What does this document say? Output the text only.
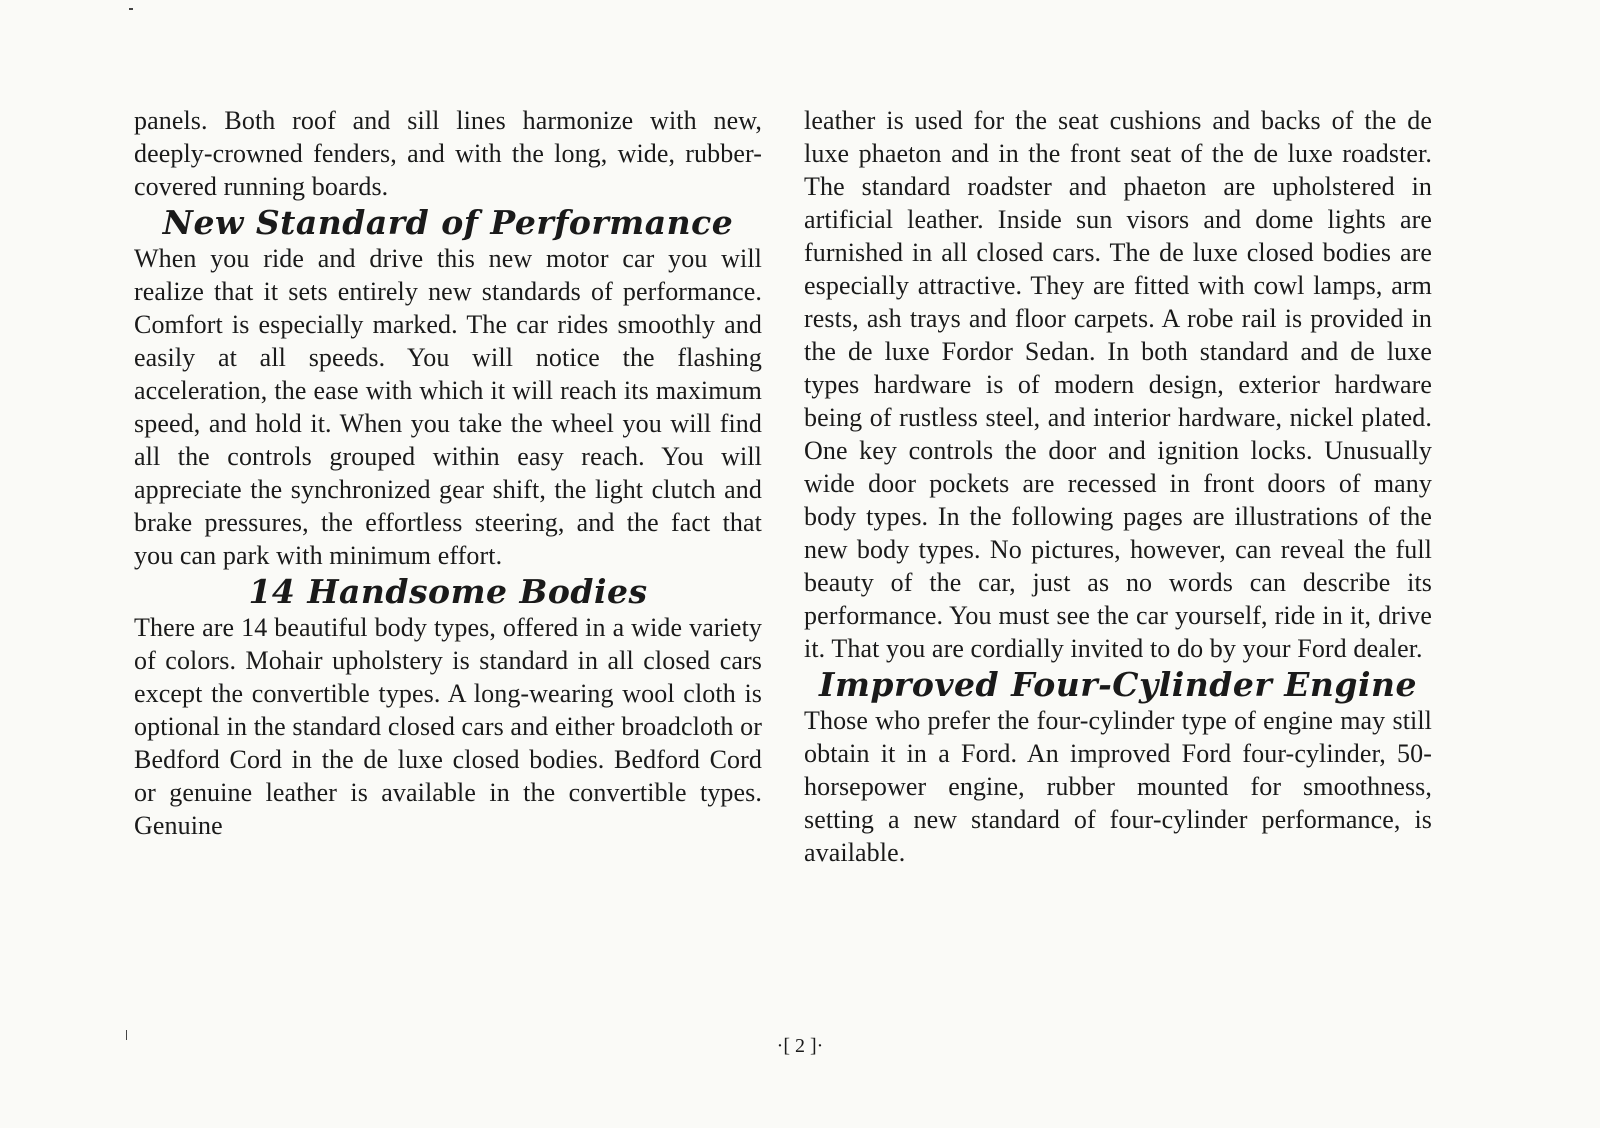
panels. Both roof and sill lines harmonize with new, deeply-crowned fenders, and with the long, wide, rubber-covered running boards.

New Standard of Performance

When you ride and drive this new motor car you will realize that it sets entirely new standards of performance. Comfort is especially marked. The car rides smoothly and easily at all speeds. You will notice the flashing acceleration, the ease with which it will reach its maximum speed, and hold it. When you take the wheel you will find all the controls grouped within easy reach. You will appreciate the synchronized gear shift, the light clutch and brake pressures, the effortless steering, and the fact that you can park with minimum effort.

14 Handsome Bodies

There are 14 beautiful body types, offered in a wide variety of colors. Mohair upholstery is standard in all closed cars except the convertible types. A long-wearing wool cloth is optional in the standard closed cars and either broadcloth or Bedford Cord in the de luxe closed bodies. Bedford Cord or genuine leather is available in the convertible types. Genuine

leather is used for the seat cushions and backs of the de luxe phaeton and in the front seat of the de luxe roadster. The standard roadster and phaeton are upholstered in artificial leather. Inside sun visors and dome lights are furnished in all closed cars. The de luxe closed bodies are especially attractive. They are fitted with cowl lamps, arm rests, ash trays and floor carpets. A robe rail is provided in the de luxe Fordor Sedan. In both standard and de luxe types hardware is of modern design, exterior hardware being of rustless steel, and interior hardware, nickel plated. One key controls the door and ignition locks. Unusually wide door pockets are recessed in front doors of many body types. In the following pages are illustrations of the new body types. No pictures, however, can reveal the full beauty of the car, just as no words can describe its performance. You must see the car yourself, ride in it, drive it. That you are cordially invited to do by your Ford dealer.

Improved Four-Cylinder Engine

Those who prefer the four-cylinder type of engine may still obtain it in a Ford. An improved Ford four-cylinder, 50-horsepower engine, rubber mounted for smoothness, setting a new standard of four-cylinder performance, is available.

·[ 2 ]·
